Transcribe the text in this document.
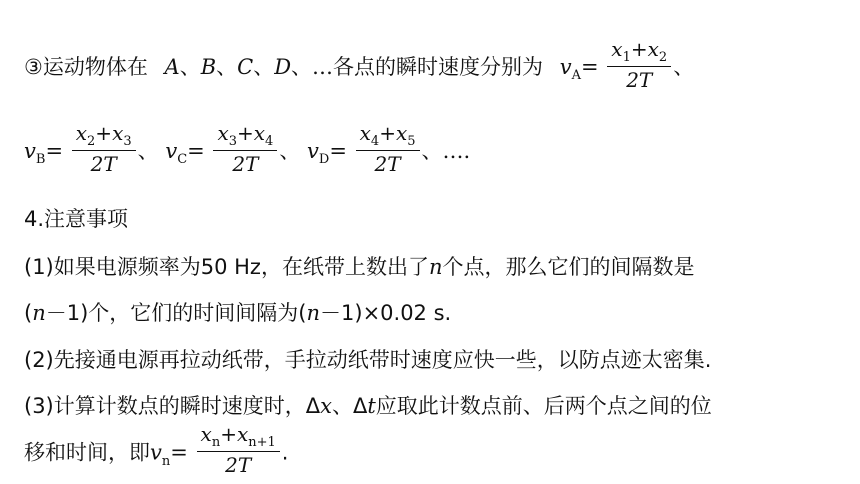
③运动物体在 A、B、C、D、…各点的瞬时速度分别为 $v_A= \frac{x_1+x_2}{2T}$ 、
$v_B= \frac{x_2+x_3}{2T}$ 、 $v_C= \frac{x_3+x_4}{2T}$ 、 $v_D= \frac{x_4+x_5}{2T}$ 、….
4.注意事项
(1)如果电源频率为50 Hz，在纸带上数出了n个点，那么它们的间隔数是
(n－1)个，它们的时间间隔为(n－1)×0.02 s.
(2)先接通电源再拉动纸带，手拉动纸带时速度应快一些，以防点迹太密集.
(3)计算计数点的瞬时速度时，Δx、Δt应取此计数点前、后两个点之间的位
移和时间，即$v_n= \frac{x_n+x_{n+1}}{2T}$ .
